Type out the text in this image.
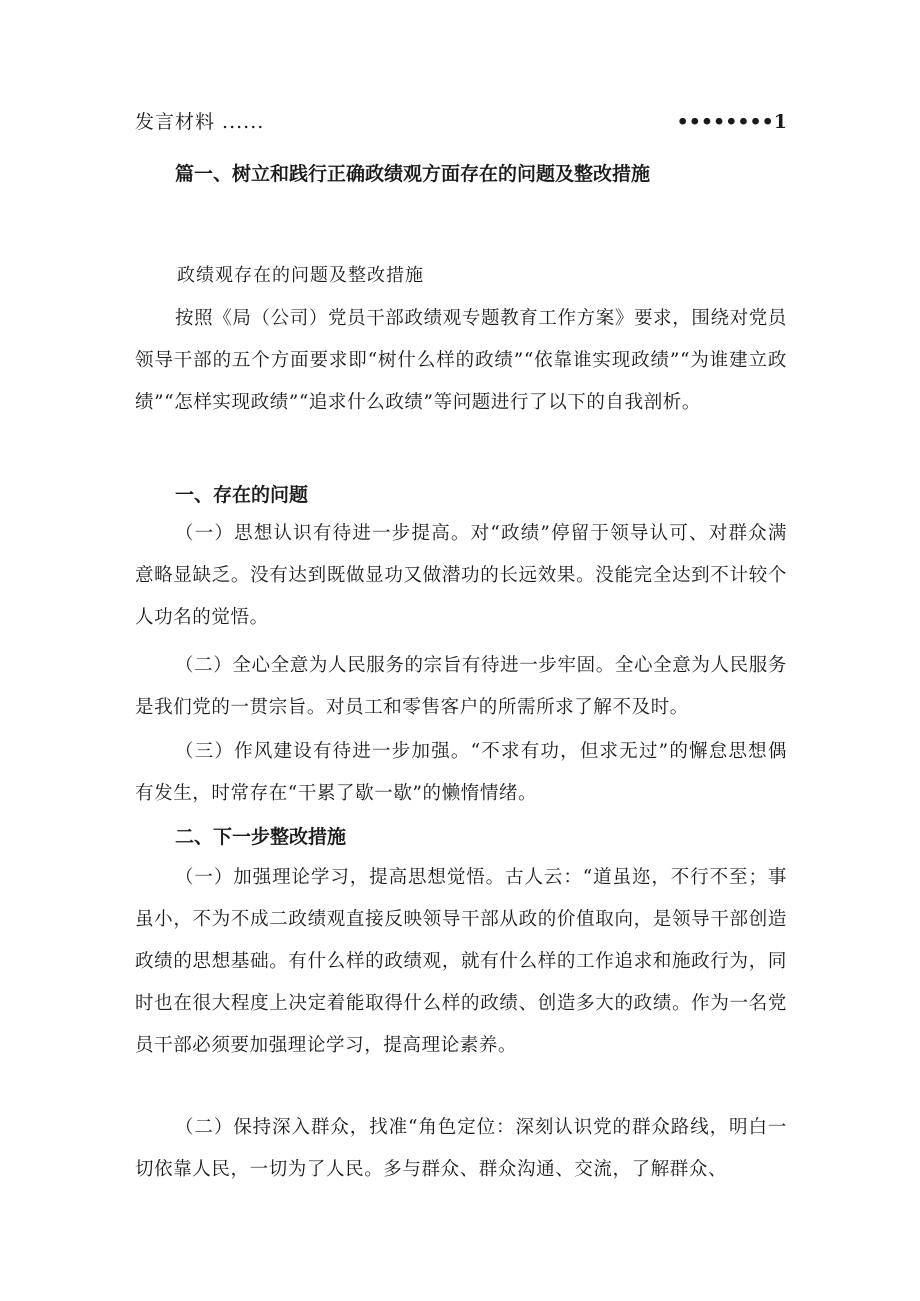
发言材料 ......	••••••••1
篇一、树立和践行正确政绩观方面存在的问题及整改措施
政绩观存在的问题及整改措施

按照《局（公司）党员干部政绩观专题教育工作方案》要求，围绕对党员领导干部的五个方面要求即“树什么样的政绩”“依靠谁实现政绩”“为谁建立政绩”“怎样实现政绩”“追求什么政绩”等问题进行了以下的自我剖析。

一、存在的问题

（一）思想认识有待进一步提高。对“政绩”停留于领导认可、对群众满意略显缺乏。没有达到既做显功又做潜功的长远效果。没能完全达到不计较个人功名的觉悟。

（二）全心全意为人民服务的宗旨有待进一步牢固。全心全意为人民服务是我们党的一贯宗旨。对员工和零售客户的所需所求了解不及时。

（三）作风建设有待进一步加强。“不求有功，但求无过”的懈怠思想偶有发生，时常存在“干累了歇一歇”的懒惰情绪。

二、下一步整改措施

（一）加强理论学习，提高思想觉悟。古人云：“道虽迩，不行不至；事虽小，不为不成二政绩观直接反映领导干部从政的价值取向，是领导干部创造政绩的思想基础。有什么样的政绩观，就有什么样的工作追求和施政行为，同时也在很大程度上决定着能取得什么样的政绩、创造多大的政绩。作为一名党员干部必须要加强理论学习，提高理论素养。

（二）保持深入群众，找准“角色定位：深刻认识党的群众路线，明白一切依靠人民，一切为了人民。多与群众、群众沟通、交流，了解群众、
